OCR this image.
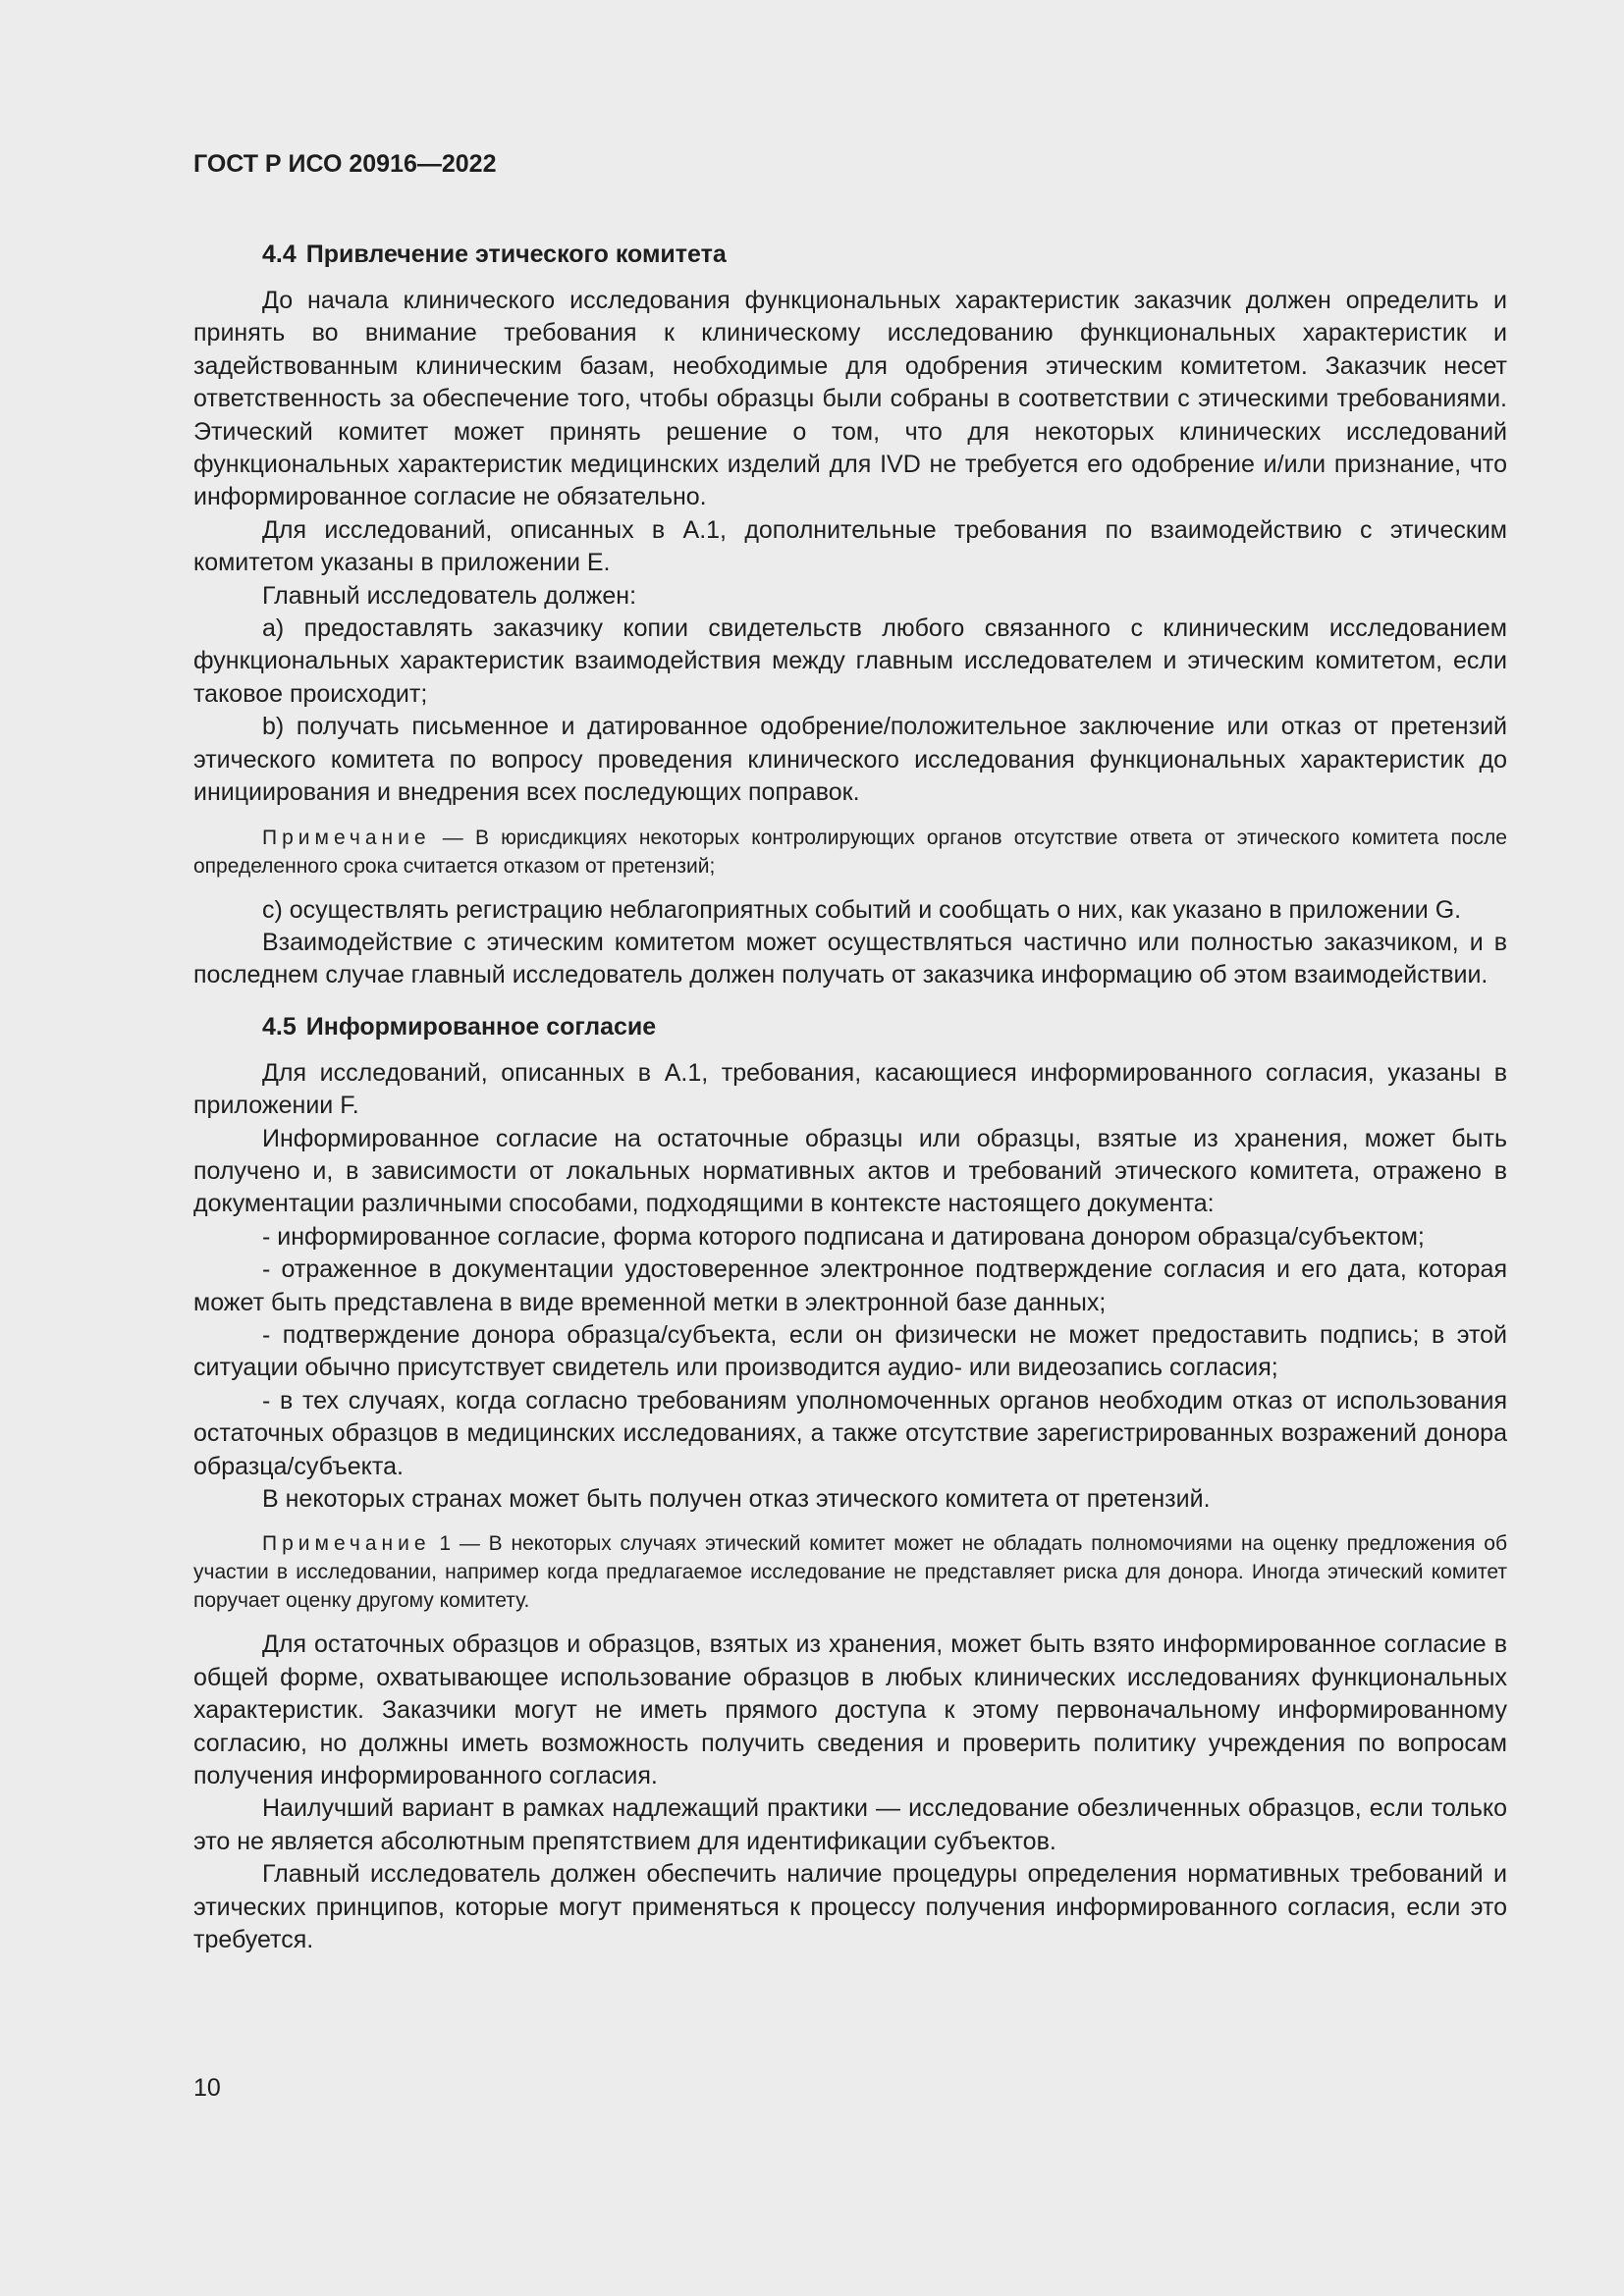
ГОСТ Р ИСО 20916—2022
4.4 Привлечение этического комитета

До начала клинического исследования функциональных характеристик заказчик должен определить и принять во внимание требования к клиническому исследованию функциональных характеристик и задействованным клиническим базам, необходимые для одобрения этическим комитетом. Заказчик несет ответственность за обеспечение того, чтобы образцы были собраны в соответствии с этическими требованиями. Этический комитет может принять решение о том, что для некоторых клинических исследований функциональных характеристик медицинских изделий для IVD не требуется его одобрение и/или признание, что информированное согласие не обязательно.

Для исследований, описанных в А.1, дополнительные требования по взаимодействию с этическим комитетом указаны в приложении Е.

Главный исследователь должен:

a) предоставлять заказчику копии свидетельств любого связанного с клиническим исследованием функциональных характеристик взаимодействия между главным исследователем и этическим комитетом, если таковое происходит;

b) получать письменное и датированное одобрение/положительное заключение или отказ от претензий этического комитета по вопросу проведения клинического исследования функциональных характеристик до инициирования и внедрения всех последующих поправок.

Примечание — В юрисдикциях некоторых контролирующих органов отсутствие ответа от этического комитета после определенного срока считается отказом от претензий;

c) осуществлять регистрацию неблагоприятных событий и сообщать о них, как указано в приложении G.

Взаимодействие с этическим комитетом может осуществляться частично или полностью заказчиком, и в последнем случае главный исследователь должен получать от заказчика информацию об этом взаимодействии.

4.5 Информированное согласие

Для исследований, описанных в А.1, требования, касающиеся информированного согласия, указаны в приложении F.

Информированное согласие на остаточные образцы или образцы, взятые из хранения, может быть получено и, в зависимости от локальных нормативных актов и требований этического комитета, отражено в документации различными способами, подходящими в контексте настоящего документа:

- информированное согласие, форма которого подписана и датирована донором образца/субъектом;

- отраженное в документации удостоверенное электронное подтверждение согласия и его дата, которая может быть представлена в виде временной метки в электронной базе данных;

- подтверждение донора образца/субъекта, если он физически не может предоставить подпись; в этой ситуации обычно присутствует свидетель или производится аудио- или видеозапись согласия;

- в тех случаях, когда согласно требованиям уполномоченных органов необходим отказ от использования остаточных образцов в медицинских исследованиях, а также отсутствие зарегистрированных возражений донора образца/субъекта.

В некоторых странах может быть получен отказ этического комитета от претензий.

Примечание 1 — В некоторых случаях этический комитет может не обладать полномочиями на оценку предложения об участии в исследовании, например когда предлагаемое исследование не представляет риска для донора. Иногда этический комитет поручает оценку другому комитету.

Для остаточных образцов и образцов, взятых из хранения, может быть взято информированное согласие в общей форме, охватывающее использование образцов в любых клинических исследованиях функциональных характеристик. Заказчики могут не иметь прямого доступа к этому первоначальному информированному согласию, но должны иметь возможность получить сведения и проверить политику учреждения по вопросам получения информированного согласия.

Наилучший вариант в рамках надлежащий практики — исследование обезличенных образцов, если только это не является абсолютным препятствием для идентификации субъектов.

Главный исследователь должен обеспечить наличие процедуры определения нормативных требований и этических принципов, которые могут применяться к процессу получения информированного согласия, если это требуется.

10
